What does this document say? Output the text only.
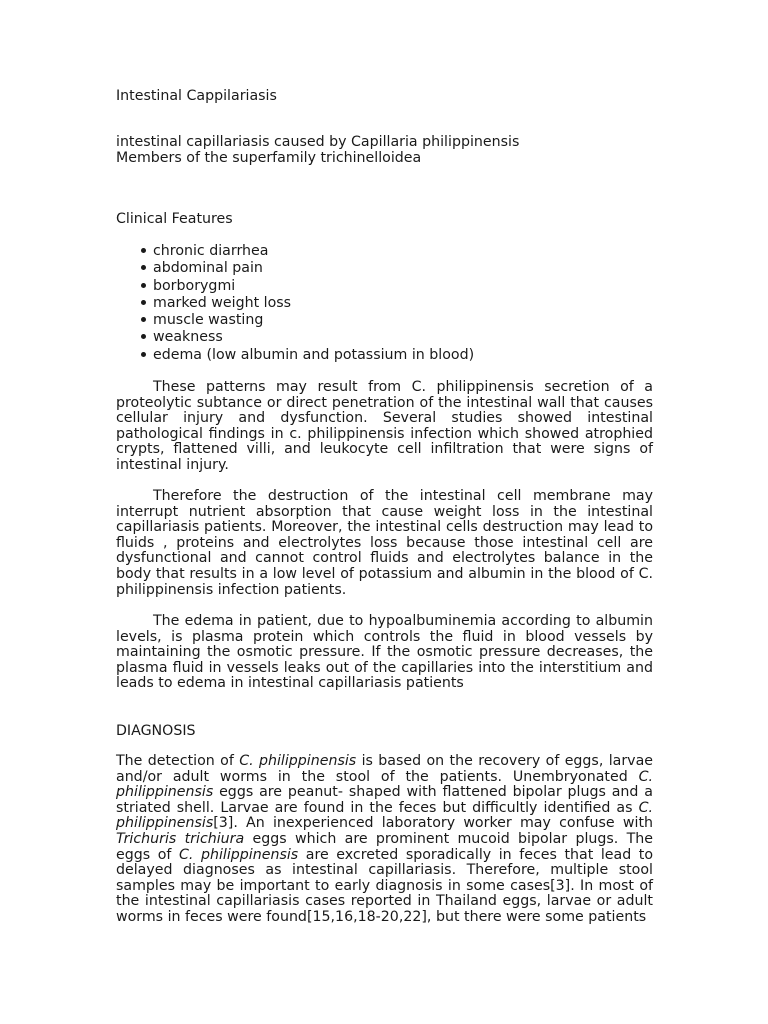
Intestinal Cappilariasis
intestinal capillariasis caused by Capillaria philippinensis
Members of the superfamily trichinelloidea
Clinical Features
chronic diarrhea
abdominal pain
borborygmi
marked weight loss
muscle wasting
weakness
edema (low albumin and potassium in blood)
These patterns may result from C. philippinensis secretion of a proteolytic subtance or direct penetration of the intestinal wall that causes cellular injury and dysfunction. Several studies showed intestinal pathological findings in c. philippinensis infection which showed atrophied crypts, flattened villi, and leukocyte cell infiltration that were signs of intestinal injury.
Therefore the destruction of the intestinal cell membrane may interrupt nutrient absorption that cause weight loss in the intestinal capillariasis patients. Moreover, the intestinal cells destruction may lead to fluids , proteins and electrolytes loss because those intestinal cell are dysfunctional and cannot control fluids and electrolytes balance in the body that results in a low level of potassium and albumin in the blood of C. philippinensis infection patients.
The edema in patient, due to hypoalbuminemia according to albumin levels, is plasma protein which controls the fluid in blood vessels by maintaining the osmotic pressure. If the osmotic pressure decreases, the plasma fluid in vessels leaks out of the capillaries into the interstitium and leads to edema in intestinal capillariasis patients
DIAGNOSIS
The detection of C. philippinensis is based on the recovery of eggs, larvae and/or adult worms in the stool of the patients. Unembryonated C. philippinensis eggs are peanut- shaped with flattened bipolar plugs and a striated shell. Larvae are found in the feces but difficultly identified as C. philippinensis[3]. An inexperienced laboratory worker may confuse with Trichuris trichiura eggs which are prominent mucoid bipolar plugs. The eggs of C. philippinensis are excreted sporadically in feces that lead to delayed diagnoses as intestinal capillariasis. Therefore, multiple stool samples may be important to early diagnosis in some cases[3]. In most of the intestinal capillariasis cases reported in Thailand eggs, larvae or adult worms in feces were found[15,16,18-20,22], but there were some patients
